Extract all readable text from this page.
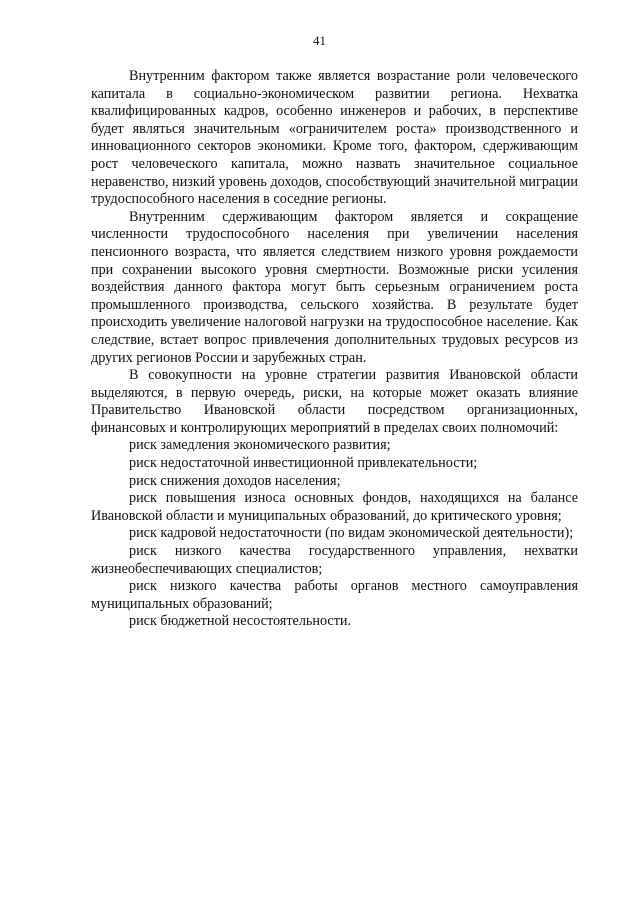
41

Внутренним фактором также является возрастание роли человеческого капитала в социально-экономическом развитии региона. Нехватка квалифицированных кадров, особенно инженеров и рабочих, в перспективе будет являться значительным «ограничителем роста» производственного и инновационного секторов экономики. Кроме того, фактором, сдерживающим рост человеческого капитала, можно назвать значительное социальное неравенство, низкий уровень доходов, способствующий значительной миграции трудоспособного населения в соседние регионы.

Внутренним сдерживающим фактором является и сокращение численности трудоспособного населения при увеличении населения пенсионного возраста, что является следствием низкого уровня рождаемости при сохранении высокого уровня смертности. Возможные риски усиления воздействия данного фактора могут быть серьезным ограничением роста промышленного производства, сельского хозяйства. В результате будет происходить увеличение налоговой нагрузки на трудоспособное население. Как следствие, встает вопрос привлечения дополнительных трудовых ресурсов из других регионов России и зарубежных стран.

В совокупности на уровне стратегии развития Ивановской области выделяются, в первую очередь, риски, на которые может оказать влияние Правительство Ивановской области посредством организационных, финансовых и контролирующих мероприятий в пределах своих полномочий:

риск замедления экономического развития;

риск недостаточной инвестиционной привлекательности;

риск снижения доходов населения;

риск повышения износа основных фондов, находящихся на балансе Ивановской области и муниципальных образований, до критического уровня;

риск кадровой недостаточности (по видам экономической деятельности);

риск низкого качества государственного управления, нехватки жизнеобеспечивающих специалистов;

риск низкого качества работы органов местного самоуправления муниципальных образований;

риск бюджетной несостоятельности.
